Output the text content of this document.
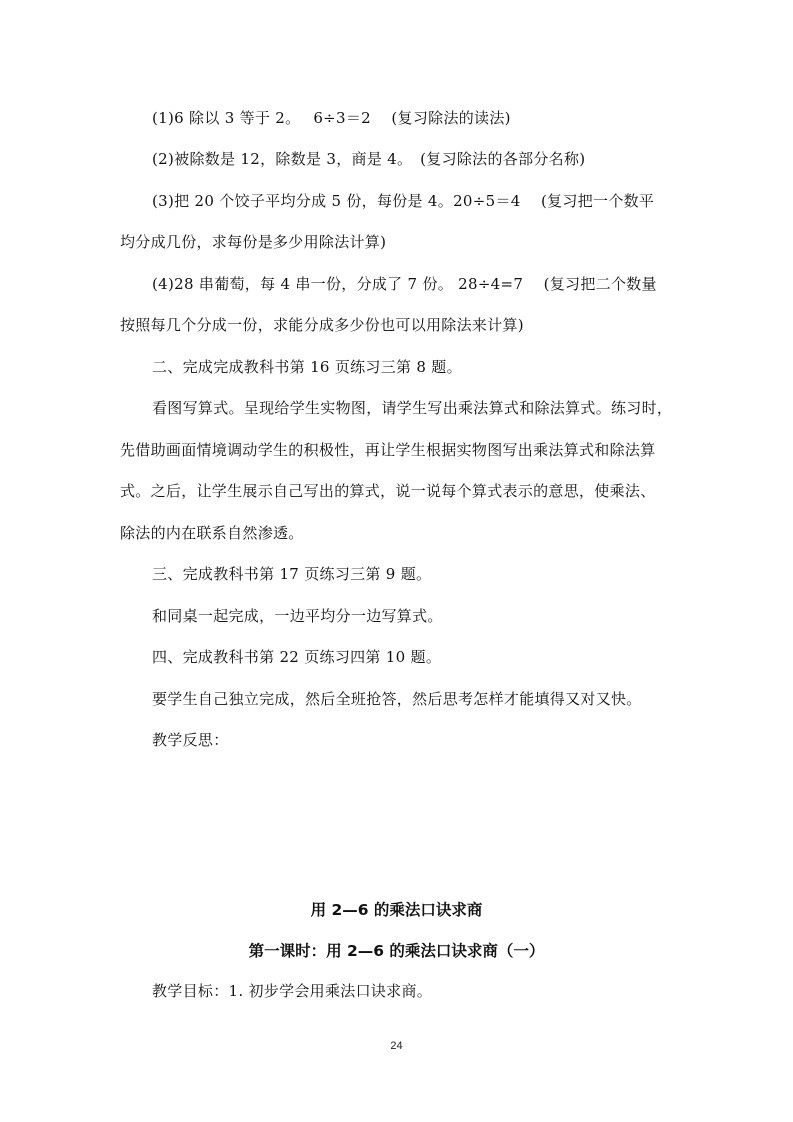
(1)6 除以 3 等于 2。　 6÷3＝2　 (复习除法的读法)
(2)被除数是 12，除数是 3，商是 4。　(复习除法的各部分名称)
(3)把 20 个饺子平均分成 5 份，每份是 4。20÷5＝4　 (复习把一个数平
均分成几份，求每份是多少用除法计算)
(4)28 串葡萄，每 4 串一份，分成了 7 份。 28÷4=7　 (复习把二个数量
按照每几个分成一份，求能分成多少份也可以用除法来计算)
二、完成完成教科书第 16 页练习三第 8 题。
看图写算式。呈现给学生实物图，请学生写出乘法算式和除法算式。练习时，
先借助画面情境调动学生的积极性，再让学生根据实物图写出乘法算式和除法算
式。之后，让学生展示自己写出的算式，说一说每个算式表示的意思，使乘法、
除法的内在联系自然渗透。
三、完成教科书第 17 页练习三第 9 题。
和同桌一起完成，一边平均分一边写算式。
四、完成教科书第 22 页练习四第 10 题。
要学生自己独立完成，然后全班抢答，然后思考怎样才能填得又对又快。
教学反思：
用 2—6 的乘法口诀求商
第一课时：用 2—6 的乘法口诀求商（一）
教学目标：1. 初步学会用乘法口诀求商。
24
